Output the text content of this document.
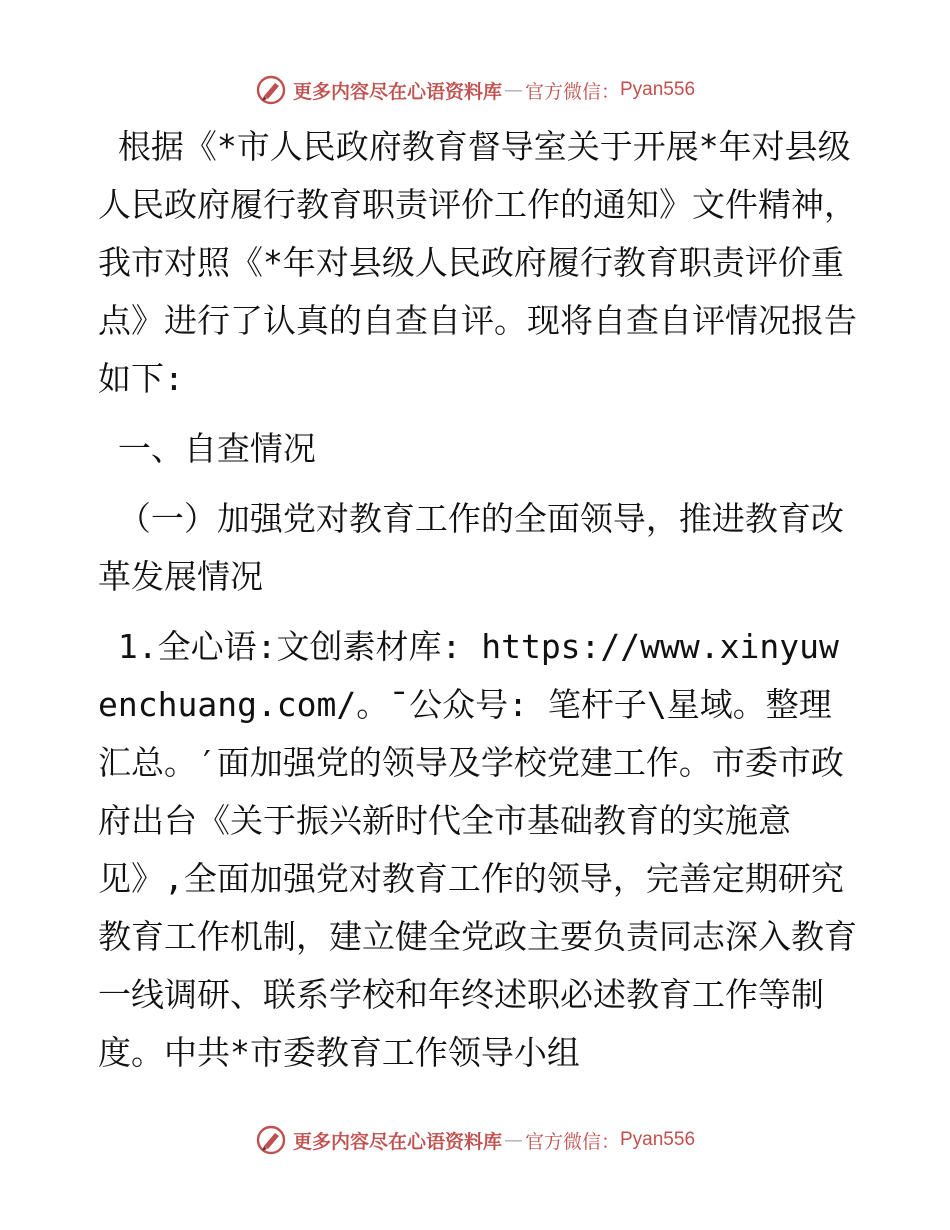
更多内容尽在心语资料库 — 官方微信： Pyan556

根据《*市人民政府教育督导室关于开展*年对县级人民政府履行教育职责评价工作的通知》文件精神，我市对照《*年对县级人民政府履行教育职责评价重点》进行了认真的自查自评。现将自查自评情况报告如下:

一、自查情况

（一）加强党对教育工作的全面领导，推进教育改革发展情况

1.全心语:文创素材库: https://www.xinyuwenchuang.com/。¯公众号: 笔杆子\星域。整理汇总。′面加强党的领导及学校党建工作。市委市政府出台《关于振兴新时代全市基础教育的实施意见》,全面加强党对教育工作的领导，完善定期研究教育工作机制，建立健全党政主要负责同志深入教育一线调研、联系学校和年终述职必述教育工作等制度。中共*市委教育工作领导小组

更多内容尽在心语资料库 — 官方微信： Pyan556
